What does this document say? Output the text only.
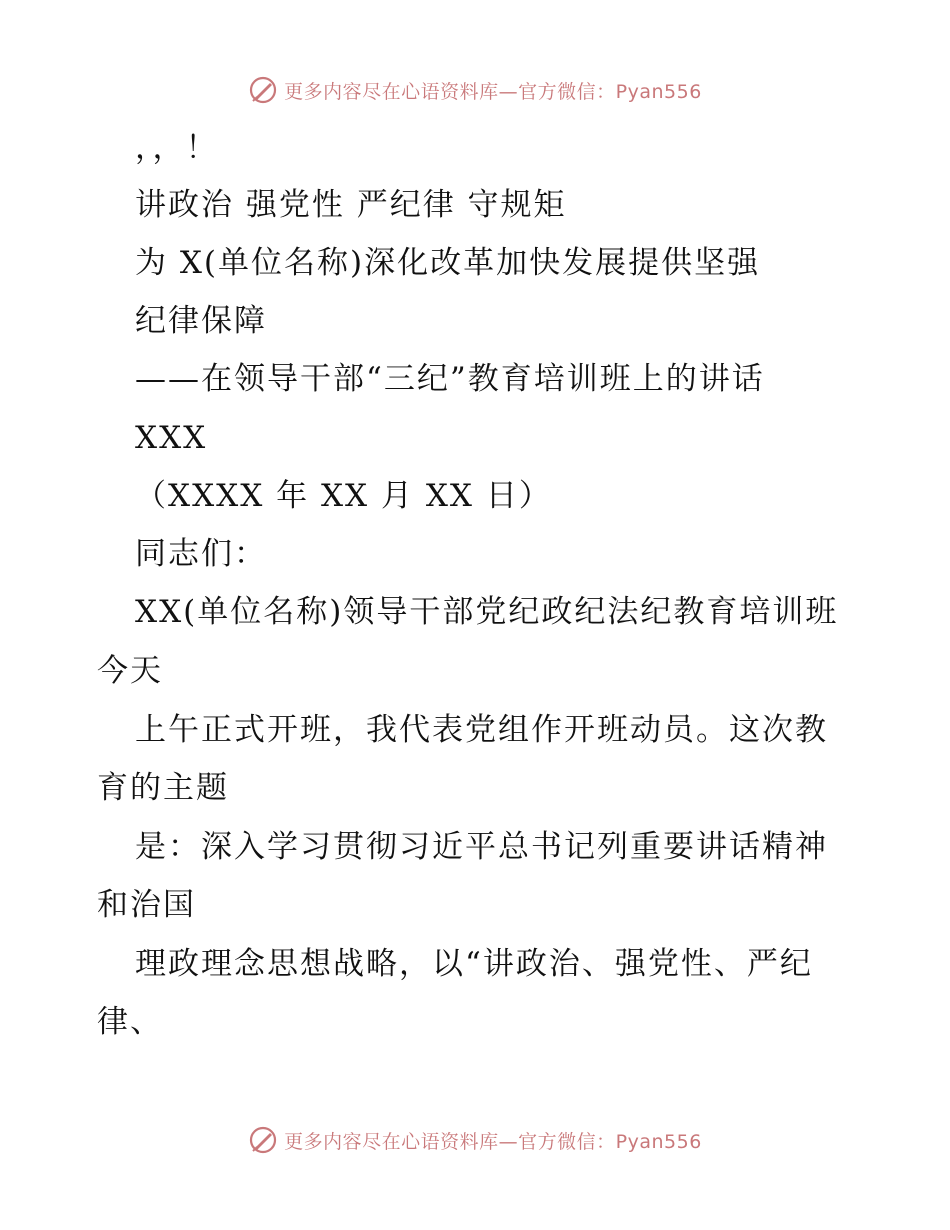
更多内容尽在心语资料库—官方微信：Pyan556
，，！
讲政治 强党性 严纪律 守规矩
为 X(单位名称)深化改革加快发展提供坚强
纪律保障
——在领导干部“三纪”教育培训班上的讲话
XXX
（XXXX 年 XX 月 XX 日）
同志们：
XX(单位名称)领导干部党纪政纪法纪教育培训班
今天
上午正式开班，我代表党组作开班动员。这次教
育的主题
是：深入学习贯彻习近平总书记列重要讲话精神
和治国
理政理念思想战略，以“讲政治、强党性、严纪
律、
更多内容尽在心语资料库—官方微信：Pyan556
